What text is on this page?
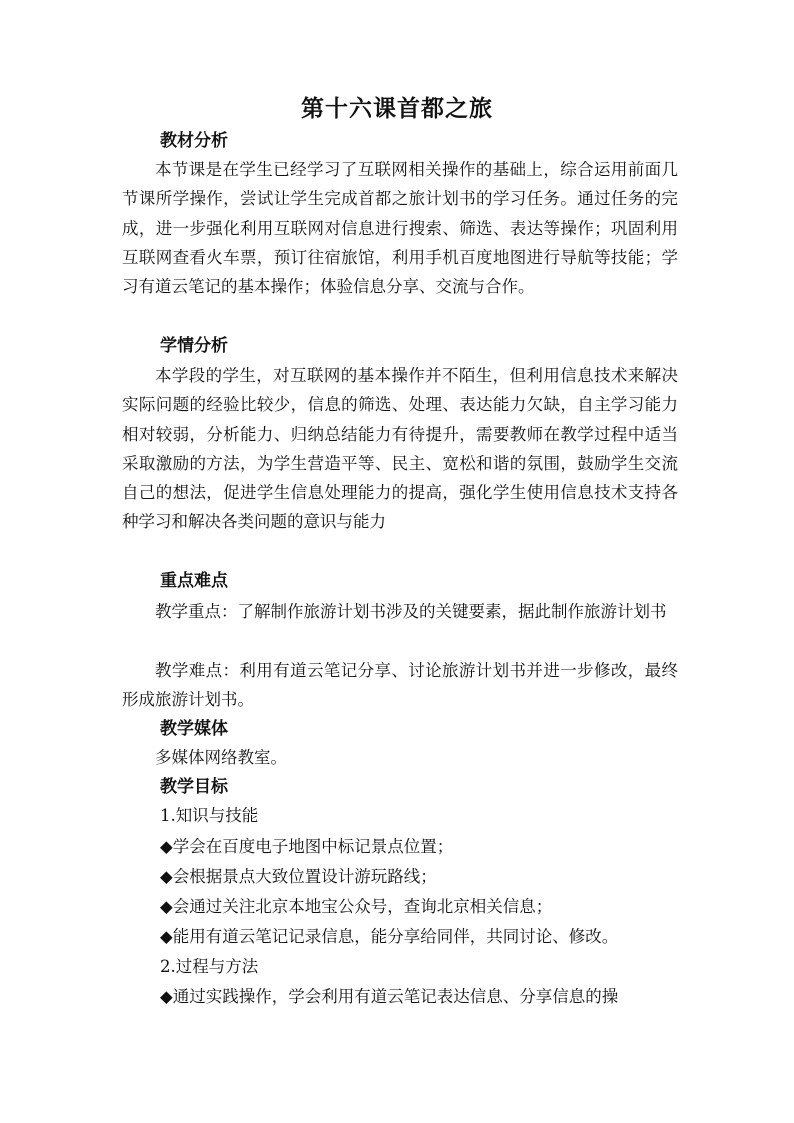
第十六课首都之旅
教材分析
本节课是在学生已经学习了互联网相关操作的基础上，综合运用前面几节课所学操作，尝试让学生完成首都之旅计划书的学习任务。通过任务的完成，进一步强化利用互联网对信息进行搜索、筛选、表达等操作；巩固利用互联网查看火车票，预订往宿旅馆，利用手机百度地图进行导航等技能；学习有道云笔记的基本操作；体验信息分享、交流与合作。
学情分析
本学段的学生，对互联网的基本操作并不陌生，但利用信息技术来解决实际问题的经验比较少，信息的筛选、处理、表达能力欠缺，自主学习能力相对较弱，分析能力、归纳总结能力有待提升，需要教师在教学过程中适当采取激励的方法，为学生营造平等、民主、宽松和谐的氛围，鼓励学生交流自己的想法，促进学生信息处理能力的提高，强化学生使用信息技术支持各种学习和解决各类问题的意识与能力
重点难点
教学重点：了解制作旅游计划书涉及的关键要素，据此制作旅游计划书
教学难点：利用有道云笔记分享、讨论旅游计划书并进一步修改，最终形成旅游计划书。
教学媒体
多媒体网络教室。
教学目标
1.知识与技能
◆学会在百度电子地图中标记景点位置；
◆会根据景点大致位置设计游玩路线；
◆会通过关注北京本地宝公众号，查询北京相关信息；
◆能用有道云笔记记录信息，能分享给同伴，共同讨论、修改。
2.过程与方法
◆通过实践操作，学会利用有道云笔记表达信息、分享信息的操
